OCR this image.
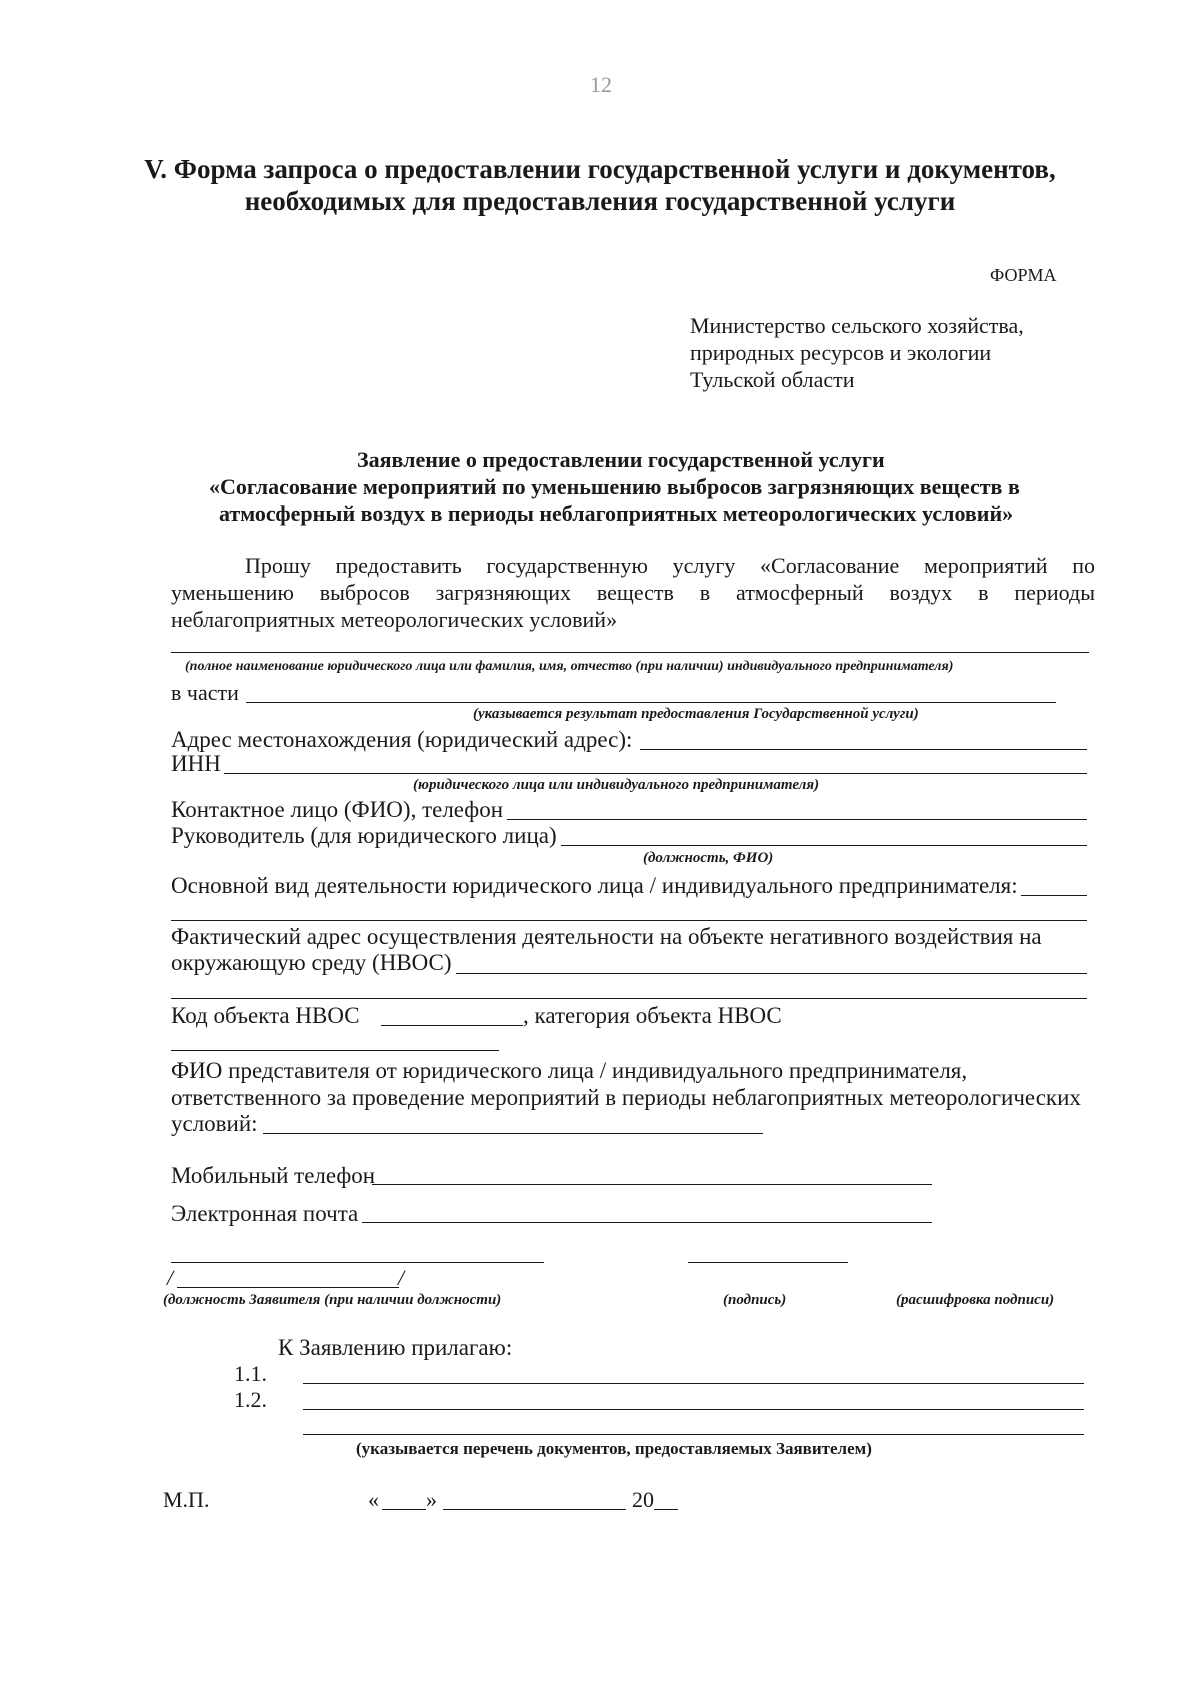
12
V. Форма запроса о предоставлении государственной услуги и документов,
необходимых для предоставления государственной услуги
ФОРМА
Министерство сельского хозяйства,
природных ресурсов и экологии
Тульской области
Заявление о предоставлении государственной услуги
«Согласование мероприятий по уменьшению выбросов загрязняющих веществ в
атмосферный воздух в периоды неблагоприятных метеорологических условий»
Прошу предоставить государственную услугу «Согласование мероприятий по
уменьшению выбросов загрязняющих веществ в атмосферный воздух в периоды
неблагоприятных метеорологических условий»
(полное наименование юридического лица или фамилия, имя, отчество (при наличии) индивидуального предпринимателя)
в части
(указывается результат предоставления Государственной услуги)
Адрес местонахождения (юридический адрес):
ИНН
(юридического лица или индивидуального предпринимателя)
Контактное лицо (ФИО), телефон
Руководитель (для юридического лица)
(должность, ФИО)
Основной вид деятельности юридического лица / индивидуального предпринимателя:
Фактический адрес осуществления деятельности на объекте негативного воздействия на
окружающую среду (НВОС)
Код объекта НВОС	, категория объекта НВОС
ФИО представителя от юридического лица / индивидуального предпринимателя,
ответственного за проведение мероприятий в периоды неблагоприятных метеорологических
условий:
Мобильный телефон
Электронная почта
/	/
(должность Заявителя (при наличии должности)	(подпись)	(расшифровка подписи)
К Заявлению прилагаю:
1.1.
1.2.
(указывается перечень документов, предоставляемых Заявителем)
М.П.	« »	20
